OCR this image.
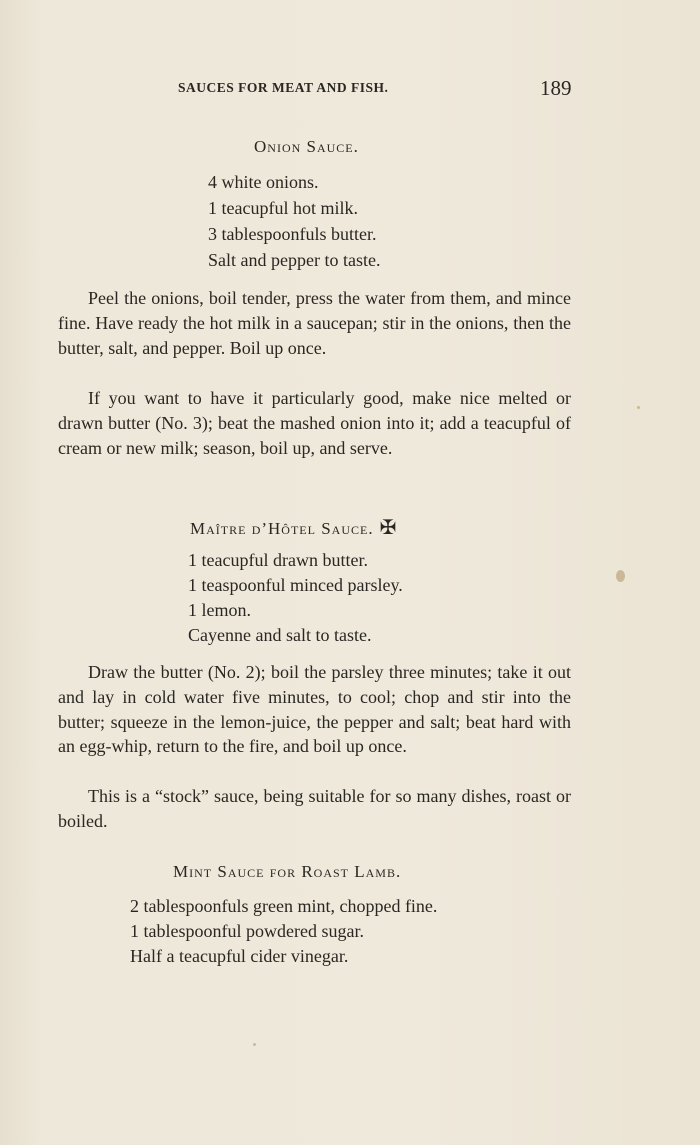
SAUCES FOR MEAT AND FISH.	189
Onion Sauce.
4 white onions.
1 teacupful hot milk.
3 tablespoonfuls butter.
Salt and pepper to taste.

Peel the onions, boil tender, press the water from them, and mince fine. Have ready the hot milk in a saucepan; stir in the onions, then the butter, salt, and pepper. Boil up once.

If you want to have it particularly good, make nice melted or drawn butter (No. 3); beat the mashed onion into it; add a teacupful of cream or new milk; season, boil up, and serve.

Maître d’Hôtel Sauce. ✠
1 teacupful drawn butter.
1 teaspoonful minced parsley.
1 lemon.
Cayenne and salt to taste.

Draw the butter (No. 2); boil the parsley three minutes; take it out and lay in cold water five minutes, to cool; chop and stir into the butter; squeeze in the lemon-juice, the pepper and salt; beat hard with an egg-whip, return to the fire, and boil up once.

This is a “stock” sauce, being suitable for so many dishes, roast or boiled.

Mint Sauce for Roast Lamb.
2 tablespoonfuls green mint, chopped fine.
1 tablespoonful powdered sugar.
Half a teacupful cider vinegar.
